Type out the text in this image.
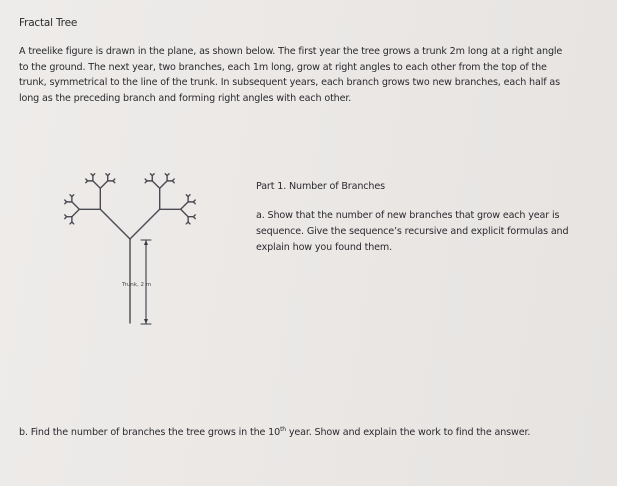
Fractal Tree
A treelike figure is drawn in the plane, as shown below. The first year the tree grows a trunk 2m long at a right angle to the ground. The next year, two branches, each 1m long, grow at right angles to each other from the top of the trunk, symmetrical to the line of the trunk. In subsequent years, each branch grows two new branches, each half as long as the preceding branch and forming right angles with each other.
Trunk, 2 m
Part 1. Number of Branches
a. Show that the number of new branches that grow each year is sequence. Give the sequence’s recursive and explicit formulas and explain how you found them.
b. Find the number of branches the tree grows in the 10th year. Show and explain the work to find the answer.
